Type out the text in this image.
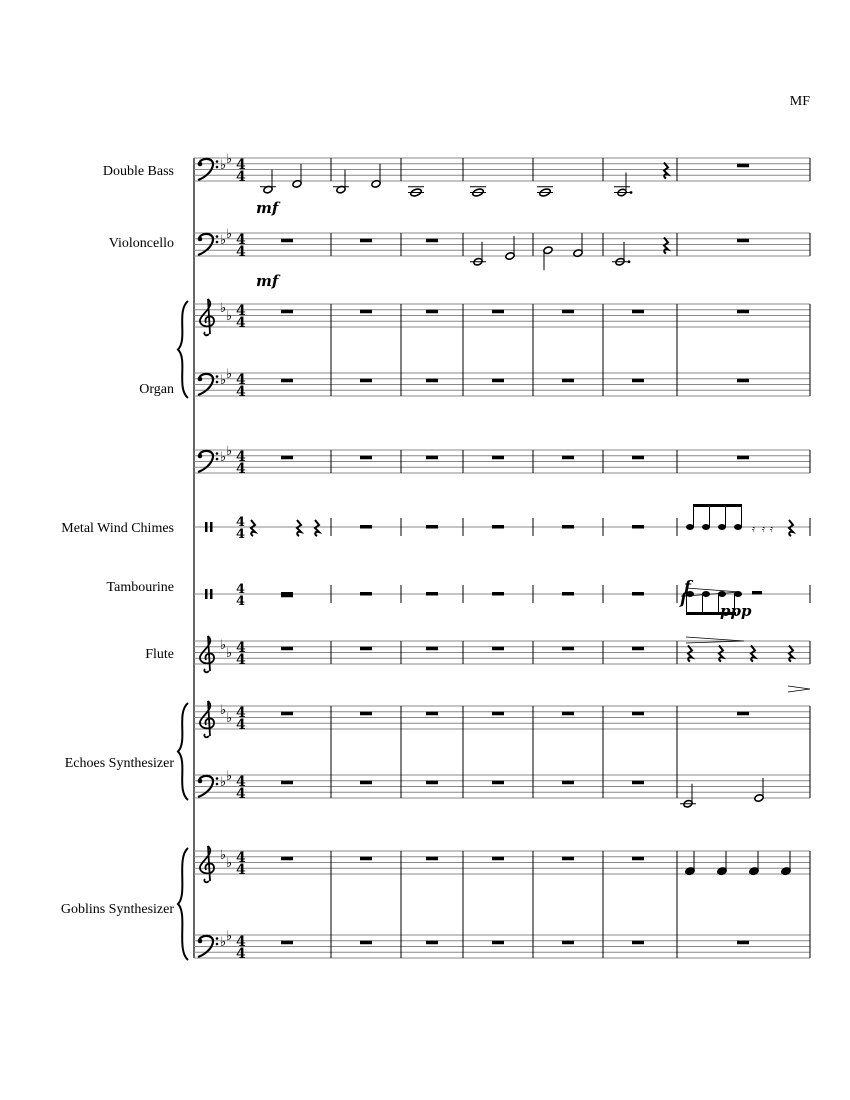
MF
Double Bass
Violoncello
Organ
Metal Wind Chimes
Tambourine
Flute
Echoes Synthesizer
Goblins Synthesizer
♭ ♭ 4
4
♭ ♭ 4
4
♭
♭ 4
4
♭ ♭ 4
4
♭ ♭ 4
4
4
4
4
4
♭
♭ 4
4
♭
♭ 4
4
♭ ♭ 4
4
♭
♭ 4
4
♭ ♭ 4
4
𝄿 𝄿 𝄿
f
f
ppp
mf
mf
